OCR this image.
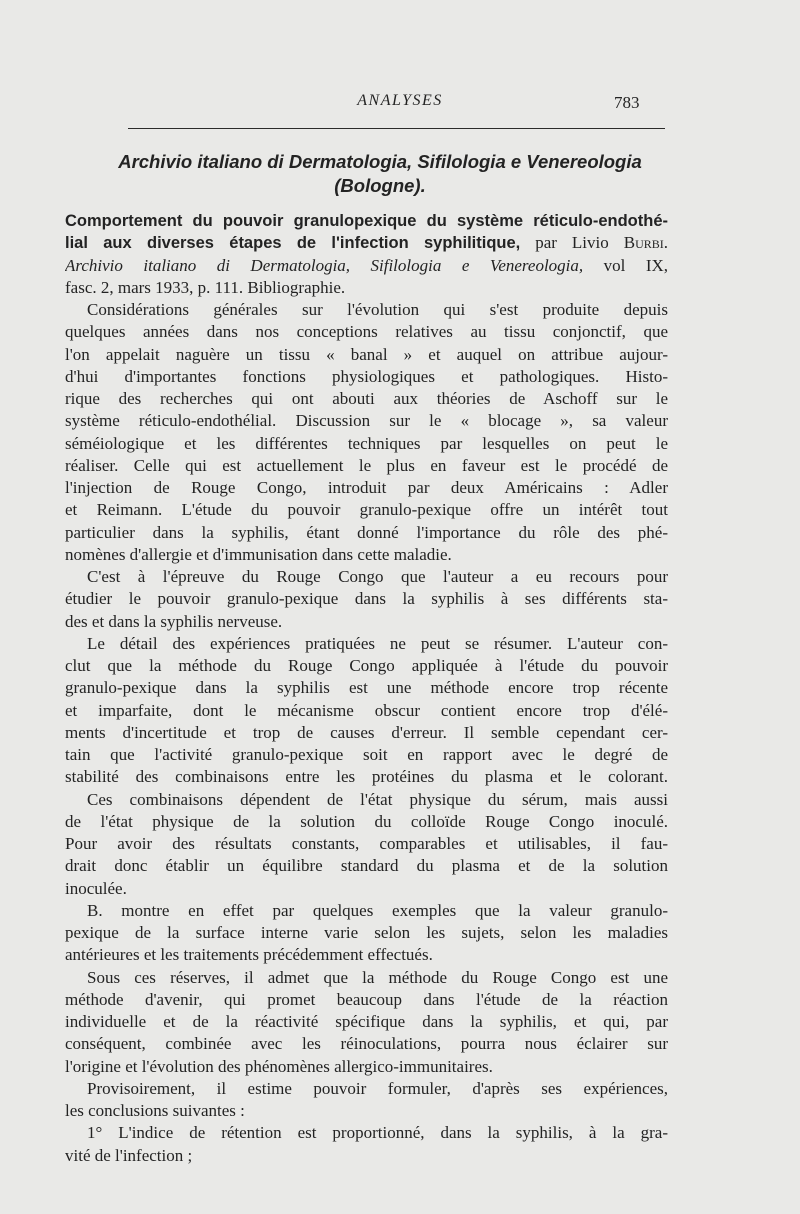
ANALYSES	783
Archivio italiano di Dermatologia, Sifilologia e Venereologia
(Bologne).
Comportement du pouvoir granulopexique du système réticulo-endothé-
lial aux diverses étapes de l'infection syphilitique, par Livio Burbi.
Archivio italiano di Dermatologia, Sifilologia e Venereologia, vol IX,
fasc. 2, mars 1933, p. 111. Bibliographie.
Considérations générales sur l'évolution qui s'est produite depuis
quelques années dans nos conceptions relatives au tissu conjonctif, que
l'on appelait naguère un tissu « banal » et auquel on attribue aujour-
d'hui d'importantes fonctions physiologiques et pathologiques. Histo-
rique des recherches qui ont abouti aux théories de Aschoff sur le
système réticulo-endothélial. Discussion sur le « blocage », sa valeur
séméiologique et les différentes techniques par lesquelles on peut le
réaliser. Celle qui est actuellement le plus en faveur est le procédé de
l'injection de Rouge Congo, introduit par deux Américains : Adler
et Reimann. L'étude du pouvoir granulo-pexique offre un intérêt tout
particulier dans la syphilis, étant donné l'importance du rôle des phé-
nomènes d'allergie et d'immunisation dans cette maladie.
C'est à l'épreuve du Rouge Congo que l'auteur a eu recours pour
étudier le pouvoir granulo-pexique dans la syphilis à ses différents sta-
des et dans la syphilis nerveuse.
Le détail des expériences pratiquées ne peut se résumer. L'auteur con-
clut que la méthode du Rouge Congo appliquée à l'étude du pouvoir
granulo-pexique dans la syphilis est une méthode encore trop récente
et imparfaite, dont le mécanisme obscur contient encore trop d'élé-
ments d'incertitude et trop de causes d'erreur. Il semble cependant cer-
tain que l'activité granulo-pexique soit en rapport avec le degré de
stabilité des combinaisons entre les protéines du plasma et le colorant.
Ces combinaisons dépendent de l'état physique du sérum, mais aussi
de l'état physique de la solution du colloïde Rouge Congo inoculé.
Pour avoir des résultats constants, comparables et utilisables, il fau-
drait donc établir un équilibre standard du plasma et de la solution
inoculée.
B. montre en effet par quelques exemples que la valeur granulo-
pexique de la surface interne varie selon les sujets, selon les maladies
antérieures et les traitements précédemment effectués.
Sous ces réserves, il admet que la méthode du Rouge Congo est une
méthode d'avenir, qui promet beaucoup dans l'étude de la réaction
individuelle et de la réactivité spécifique dans la syphilis, et qui, par
conséquent, combinée avec les réinoculations, pourra nous éclairer sur
l'origine et l'évolution des phénomènes allergico-immunitaires.
Provisoirement, il estime pouvoir formuler, d'après ses expériences,
les conclusions suivantes :
1° L'indice de rétention est proportionné, dans la syphilis, à la gra-
vité de l'infection ;
